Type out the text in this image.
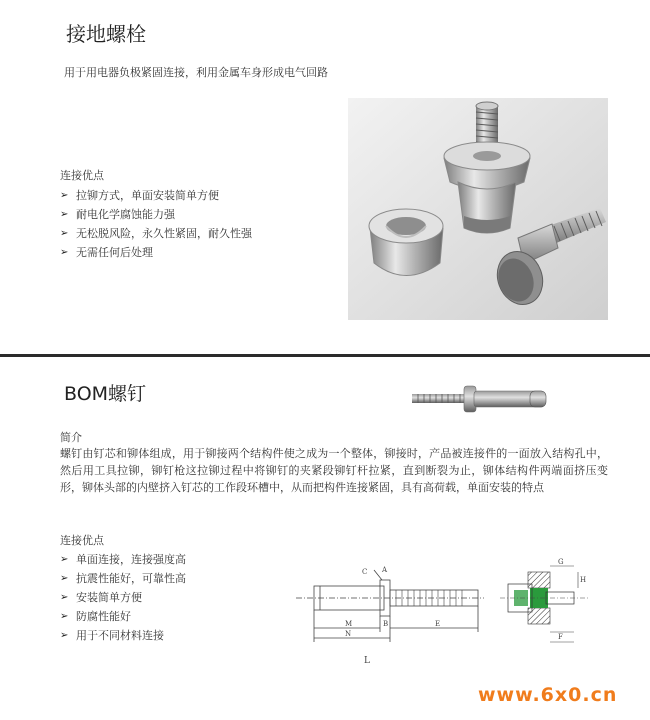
接地螺栓
用于用电器负极紧固连接，利用金属车身形成电气回路
连接优点
➢ 拉铆方式，单面安装简单方便
➢ 耐电化学腐蚀能力强
➢ 无松脱风险，永久性紧固，耐久性强
➢ 无需任何后处理
BOM螺钉
简介
螺钉由钉芯和铆体组成，用于铆接两个结构件使之成为一个整体，铆接时，产品被连接件的一面放入结构孔中，然后用工具拉铆，铆钉枪这拉铆过程中将铆钉的夹紧段铆钉杆拉紧，直到断裂为止，铆体结构件两端面挤压变形，铆体头部的内壁挤入钉芯的工作段环槽中，从而把构件连接紧固，具有高荷载，单面安装的特点
连接优点
➢ 单面连接，连接强度高
➢ 抗震性能好，可靠性高
➢ 安装简单方便
➢ 防腐性能好
➢ 用于不同材料连接
C A
M
N
B	E
L
G
H
F
www.6x0.cn
